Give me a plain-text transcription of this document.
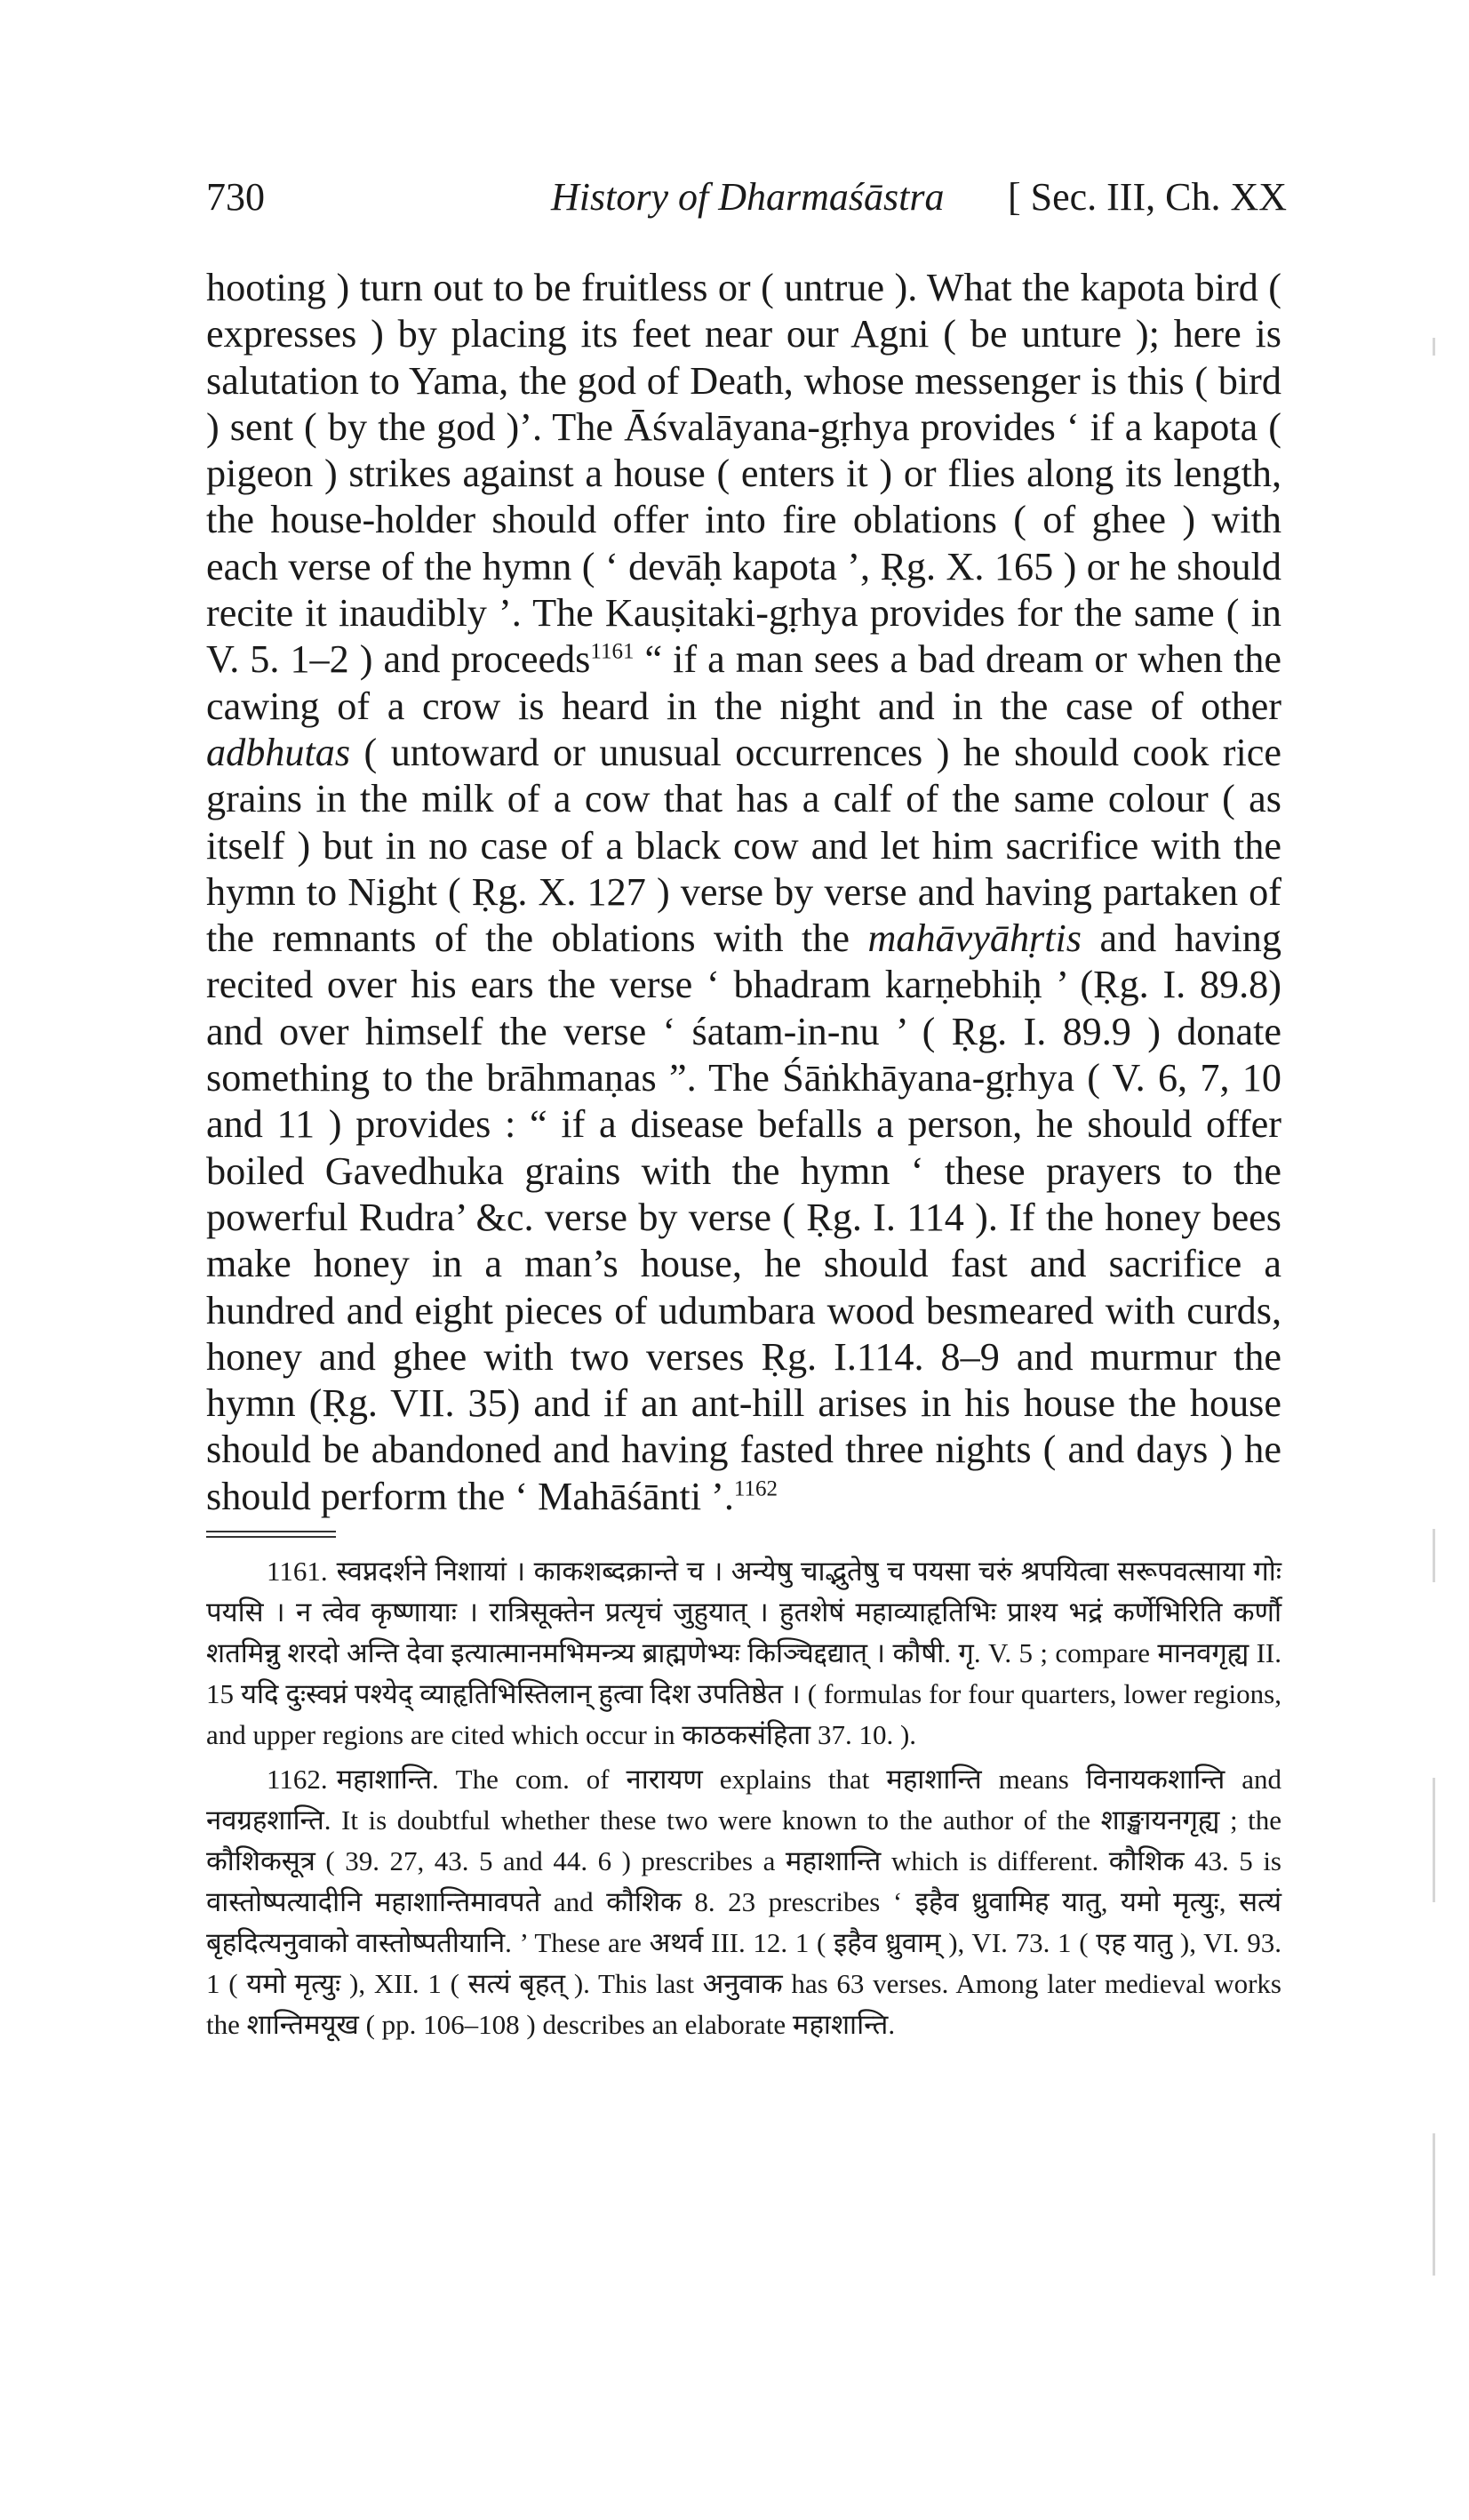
730	History of Dharmaśāstra [ Sec. III, Ch. XX

hooting ) turn out to be fruitless or ( untrue ). What the kapota bird ( expresses ) by placing its feet near our Agni ( be unture ); here is salutation to Yama, the god of Death, whose messenger is this ( bird ) sent ( by the god )’. The Āśvalāyana-gṛhya provides ‘ if a kapota ( pigeon ) strikes against a house ( enters it ) or flies along its length, the house-holder should offer into fire oblations ( of ghee ) with each verse of the hymn ( ‘ devāḥ kapota ’, Ṛg. X. 165 ) or he should recite it inaudibly ’. The Kauṣitaki-gṛhya provides for the same ( in V. 5. 1–2 ) and proceeds$^{1161}$ “ if a man sees a bad dream or when the cawing of a crow is heard in the night and in the case of other adbhutas ( untoward or unusual occurrences ) he should cook rice grains in the milk of a cow that has a calf of the same colour ( as itself ) but in no case of a black cow and let him sacrifice with the hymn to Night ( Ṛg. X. 127 ) verse by verse and having partaken of the remnants of the oblations with the mahāvyāhṛtis and having recited over his ears the verse ‘ bhadram karṇebhiḥ ’ (Ṛg. I. 89.8) and over himself the verse ‘ śatam-in-nu ’ ( Ṛg. I. 89.9 ) donate something to the brāhmaṇas ”. The Śāṅkhāyana-gṛhya ( V. 6, 7, 10 and 11 ) provides : “ if a disease befalls a person, he should offer boiled Gavedhuka grains with the hymn ‘ these prayers to the powerful Rudra’ &c. verse by verse ( Ṛg. I. 114 ). If the honey bees make honey in a man’s house, he should fast and sacrifice a hundred and eight pieces of udumbara wood besmeared with curds, honey and ghee with two verses Ṛg. I.114. 8–9 and murmur the hymn (Ṛg. VII. 35) and if an ant-hill arises in his house the house should be abandoned and having fasted three nights ( and days ) he should perform the ‘ Mahāśānti ’.$^{1162}$

1161. स्वप्नदर्शने निशायां । काकशब्दक्रान्ते च । अन्येषु चाद्भुतेषु च पयसा चरुं श्रपयित्वा सरूपवत्साया गोः पयसि । न त्वेव कृष्णायाः । रात्रिसूक्तेन प्रत्यृचं जुहुयात् । हुतशेषं महाव्याहृतिभिः प्राश्य भद्रं कर्णेभिरिति कर्णौ शतमिन्नु शरदो अन्ति देवा इत्यात्मानमभिमन्त्र्य ब्राह्मणेभ्यः किञ्चिद्दद्यात् । कौषी. गृ. V. 5 ; compare मानवगृह्य II. 15 यदि दुःस्वप्नं पश्येद् व्याहृतिभिस्तिलान् हुत्वा दिश उपतिष्ठेत । ( formulas for four quarters, lower regions, and upper regions are cited which occur in काठकसंहिता 37. 10. ).

1162. महाशान्ति. The com. of नारायण explains that महाशान्ति means विनायकशान्ति and नवग्रहशान्ति. It is doubtful whether these two were known to the author of the शाङ्खायनगृह्य ; the कौशिकसूत्र ( 39. 27, 43. 5 and 44. 6 ) prescribes a महाशान्ति which is different. कौशिक 43. 5 is वास्तोष्पत्यादीनि महाशान्तिमावपते and कौशिक 8. 23 prescribes ‘ इहैव ध्रुवामिह यातु, यमो मृत्युः, सत्यं बृहदित्यनुवाको वास्तोष्पतीयानि. ’ These are अथर्व III. 12. 1 ( इहैव ध्रुवाम् ), VI. 73. 1 ( एह यातु ), VI. 93. 1 ( यमो मृत्युः ), XII. 1 ( सत्यं बृहत् ). This last अनुवाक has 63 verses. Among later medieval works the शान्तिमयूख ( pp. 106–108 ) describes an elaborate महाशान्ति.
